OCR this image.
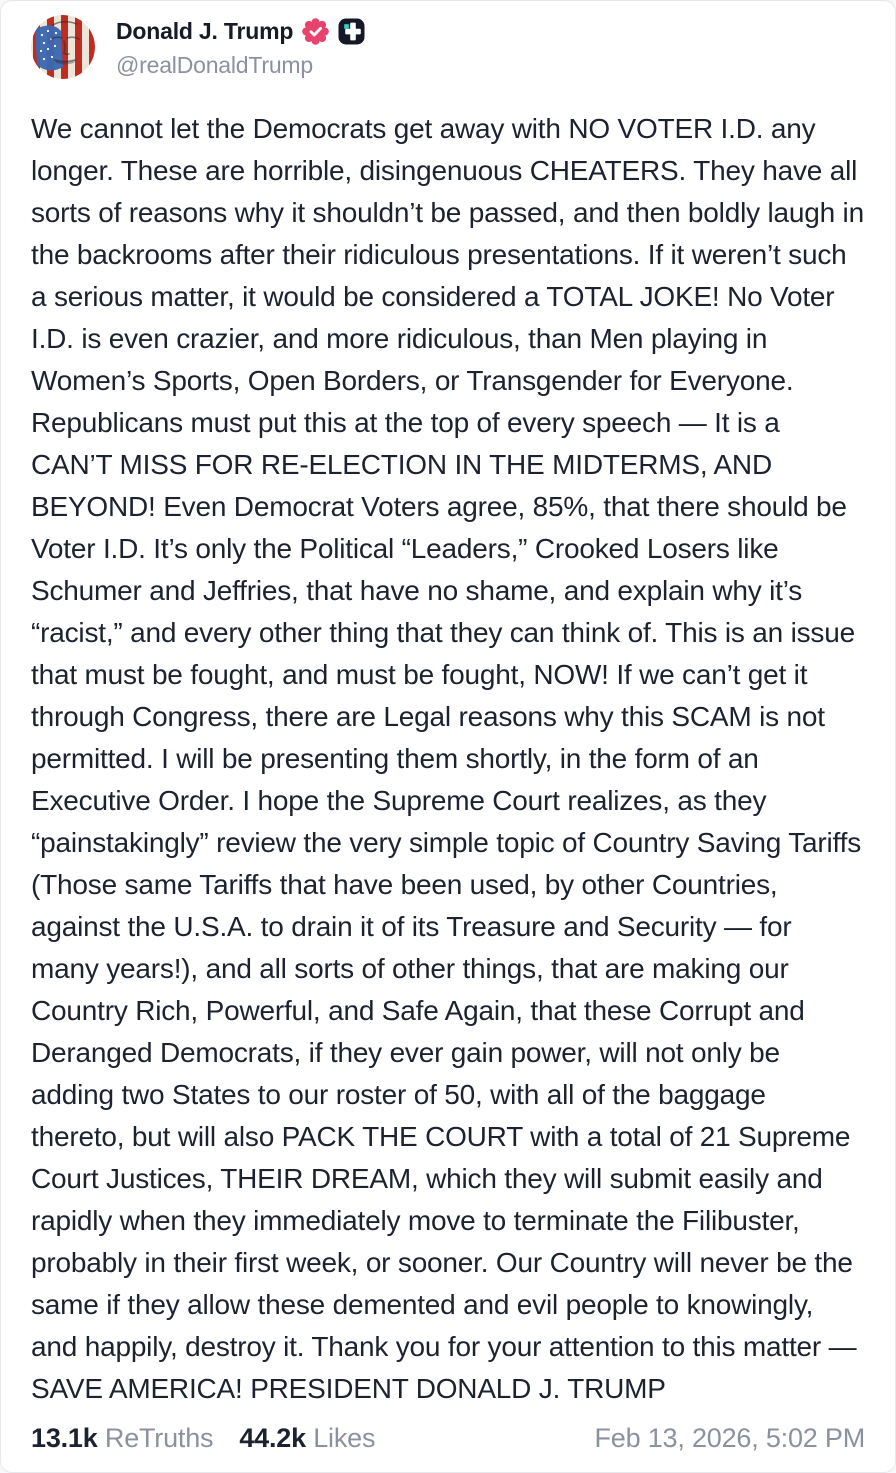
Donald J. Trump
@realDonaldTrump
We cannot let the Democrats get away with NO VOTER I.D. any longer. These are horrible, disingenuous CHEATERS. They have all sorts of reasons why it shouldn’t be passed, and then boldly laugh in the backrooms after their ridiculous presentations. If it weren’t such a serious matter, it would be considered a TOTAL JOKE! No Voter I.D. is even crazier, and more ridiculous, than Men playing in Women’s Sports, Open Borders, or Transgender for Everyone. Republicans must put this at the top of every speech — It is a CAN’T MISS FOR RE-ELECTION IN THE MIDTERMS, AND BEYOND! Even Democrat Voters agree, 85%, that there should be Voter I.D. It’s only the Political “Leaders,” Crooked Losers like Schumer and Jeffries, that have no shame, and explain why it’s “racist,” and every other thing that they can think of. This is an issue that must be fought, and must be fought, NOW! If we can’t get it through Congress, there are Legal reasons why this SCAM is not permitted. I will be presenting them shortly, in the form of an Executive Order. I hope the Supreme Court realizes, as they “painstakingly” review the very simple topic of Country Saving Tariffs (Those same Tariffs that have been used, by other Countries, against the U.S.A. to drain it of its Treasure and Security — for many years!), and all sorts of other things, that are making our Country Rich, Powerful, and Safe Again, that these Corrupt and Deranged Democrats, if they ever gain power, will not only be adding two States to our roster of 50, with all of the baggage thereto, but will also PACK THE COURT with a total of 21 Supreme Court Justices, THEIR DREAM, which they will submit easily and rapidly when they immediately move to terminate the Filibuster, probably in their first week, or sooner. Our Country will never be the same if they allow these demented and evil people to knowingly, and happily, destroy it. Thank you for your attention to this matter — SAVE AMERICA! PRESIDENT DONALD J. TRUMP
13.1k ReTruths 44.2k Likes	Feb 13, 2026, 5:02 PM
